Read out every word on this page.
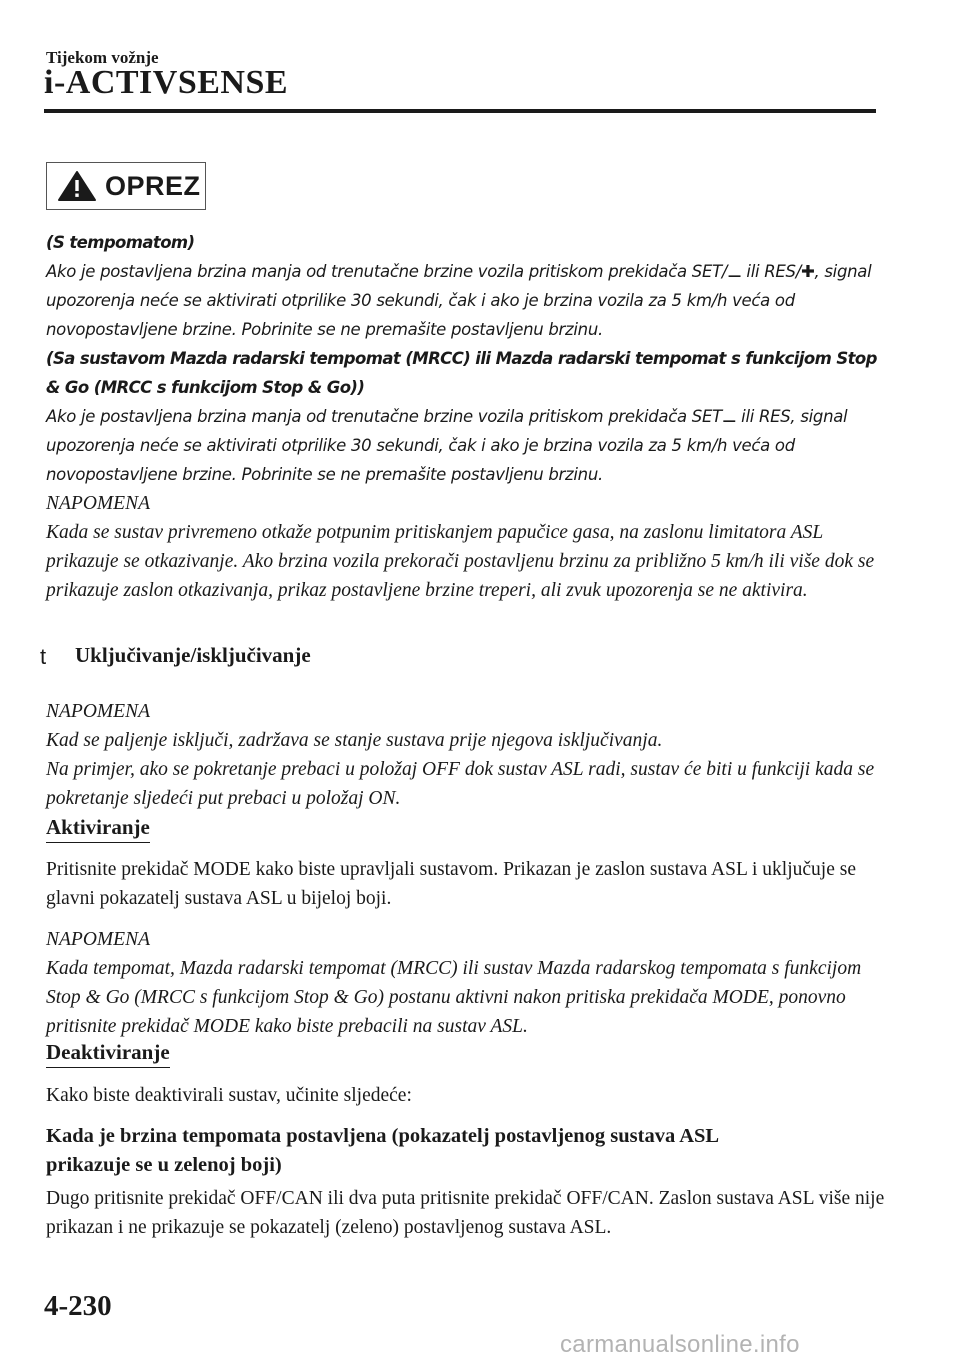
Tijekom vožnje
i-ACTIVSENSE
OPREZ
(S tempomatom)
Ako je postavljena brzina manja od trenutačne brzine vozila pritiskom prekidača SET/⚊ ili RES/✚, signal upozorenja neće se aktivirati otprilike 30 sekundi, čak i ako je brzina vozila za 5 km/h veća od novopostavljene brzine. Pobrinite se ne premašite postavljenu brzinu.
(Sa sustavom Mazda radarski tempomat (MRCC) ili Mazda radarski tempomat s funkcijom Stop & Go (MRCC s funkcijom Stop & Go))
Ako je postavljena brzina manja od trenutačne brzine vozila pritiskom prekidača SET⚊ ili RES, signal upozorenja neće se aktivirati otprilike 30 sekundi, čak i ako je brzina vozila za 5 km/h veća od novopostavljene brzine. Pobrinite se ne premašite postavljenu brzinu.
NAPOMENA
Kada se sustav privremeno otkaže potpunim pritiskanjem papučice gasa, na zaslonu limitatora ASL prikazuje se otkazivanje. Ako brzina vozila prekorači postavljenu brzinu za približno 5 km/h ili više dok se prikazuje zaslon otkazivanja, prikaz postavljene brzine treperi, ali zvuk upozorenja se ne aktivira.
t	Uključivanje/isključivanje
NAPOMENA
Kad se paljenje isključi, zadržava se stanje sustava prije njegova isključivanja.
Na primjer, ako se pokretanje prebaci u položaj OFF dok sustav ASL radi, sustav će biti u funkciji kada se pokretanje sljedeći put prebaci u položaj ON.
Aktiviranje
Pritisnite prekidač MODE kako biste upravljali sustavom. Prikazan je zaslon sustava ASL i uključuje se glavni pokazatelj sustava ASL u bijeloj boji.
NAPOMENA
Kada tempomat, Mazda radarski tempomat (MRCC) ili sustav Mazda radarskog tempomata s funkcijom Stop & Go (MRCC s funkcijom Stop & Go) postanu aktivni nakon pritiska prekidača MODE, ponovno pritisnite prekidač MODE kako biste prebacili na sustav ASL.
Deaktiviranje
Kako biste deaktivirali sustav, učinite sljedeće:
Kada je brzina tempomata postavljena (pokazatelj postavljenog sustava ASL prikazuje se u zelenoj boji)
Dugo pritisnite prekidač OFF/CAN ili dva puta pritisnite prekidač OFF/CAN. Zaslon sustava ASL više nije prikazan i ne prikazuje se pokazatelj (zeleno) postavljenog sustava ASL.
4-230
carmanualsonline.info
